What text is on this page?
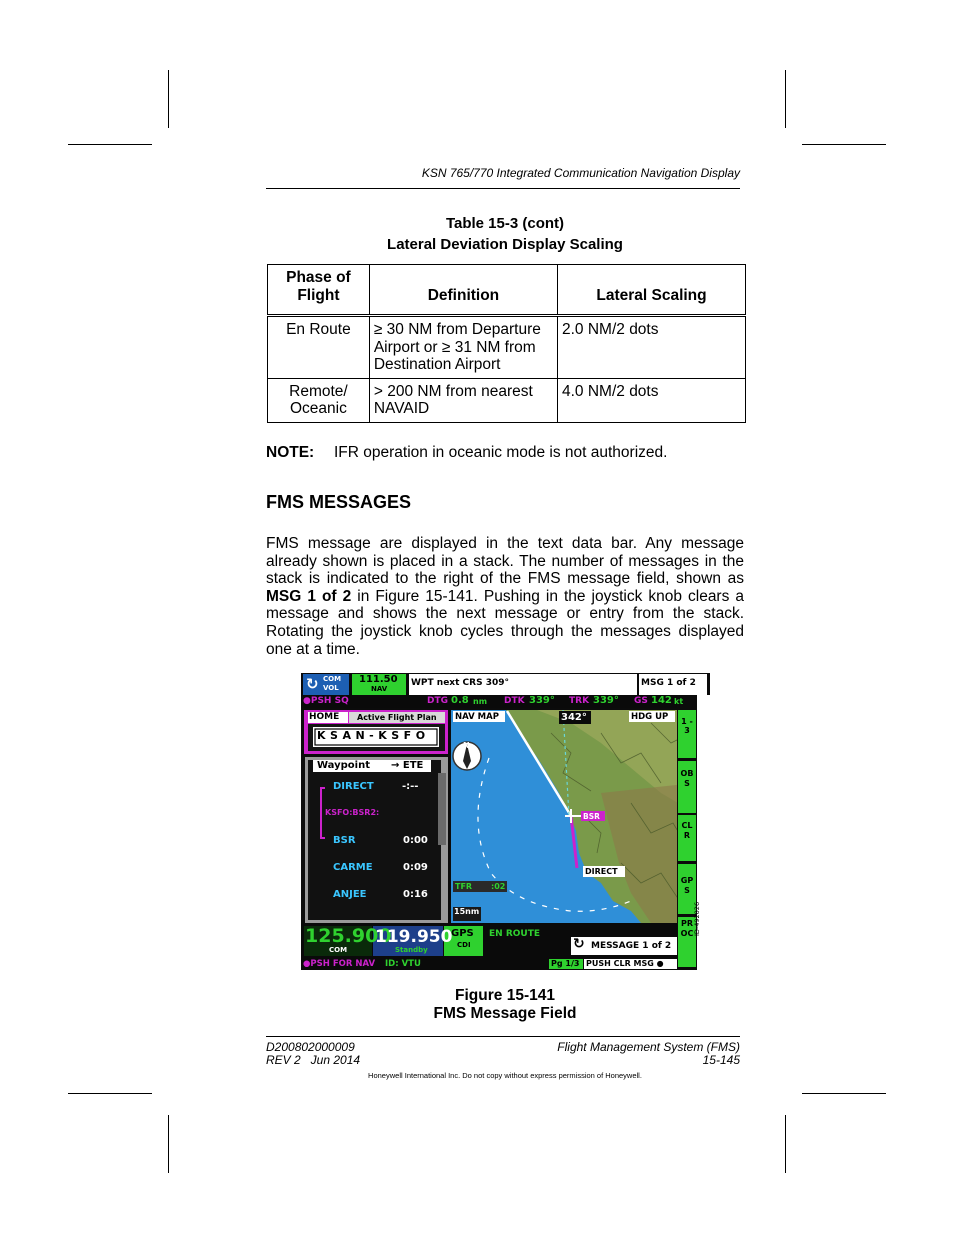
KSN 765/770 Integrated Communication Navigation Display
Table 15-3 (cont)
Lateral Deviation Display Scaling
Phase of Flight	Definition	Lateral Scaling
En Route	≥ 30 NM from Departure Airport or ≥ 31 NM from Destination Airport	2.0 NM/2 dots
Remote/ Oceanic	> 200 NM from nearest NAVAID	4.0 NM/2 dots
NOTE: IFR operation in oceanic mode is not authorized.
FMS MESSAGES
FMS message are displayed in the text data bar. Any message already shown is placed in a stack. The number of messages in the stack is indicated to the right of the FMS message field, shown as MSG 1 of 2 in Figure 15-141. Pushing in the joystick knob clears a message and shows the next message or entry from the stack. Rotating the joystick knob cycles through the messages displayed one at a time.
COM
VOL
↻	111.50
NAV
WPT next CRS 309°	MSG 1 of 2
●PSH SQ	DTG 0.8 nm DTK 339° TRK 339° GS 142 kt
HOME Active Flight Plan
KSAN-KSFO
Waypoint → ETE
DIRECT	-:--
KSFO:BSR2:
BSR	0:00
CARME	0:09
ANJEE	0:16
NAV MAP	342°	HDG UP
N
BSR
DIRECT
TFR :02
15nm
1 - 3
OBS
CLR
GPS
PROC ID-492026
125.900
COM
119.950
Standby
GPS
CDI
EN ROUTE
↻ MESSAGE 1 of 2
●PSH FOR NAV ID: VTU	Pg 1/3 PUSH CLR MSG ●
Figure 15-141
FMS Message Field
D200802000009
REV 2   Jun 2014
Flight Management System (FMS)
15-145
Honeywell International Inc. Do not copy without express permission of Honeywell.
